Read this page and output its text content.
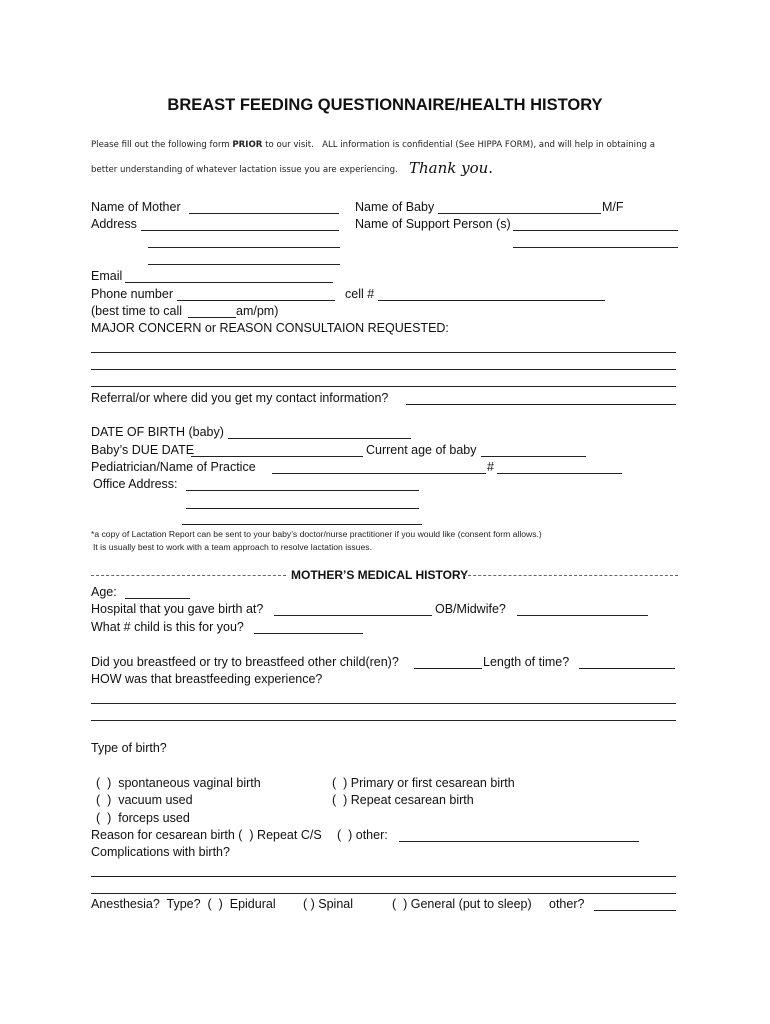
BREAST FEEDING QUESTIONNAIRE/HEALTH HISTORY
Please fill out the following form PRIOR to our visit.   ALL information is confidential (See HIPPA FORM), and will help in obtaining a
better understanding of whatever lactation issue you are experiencing. Thank you.
Name of Mother	Name of Baby	M/F
Address	Name of Support Person (s)
Email
Phone number	cell #
(best time to call	am/pm)
MAJOR CONCERN or REASON CONSULTAION REQUESTED:
Referral/or where did you get my contact information?
DATE OF BIRTH (baby)
Baby’s DUE DATE	Current age of baby
Pediatrician/Name of Practice	#
Office Address:
*a copy of Lactation Report can be sent to your baby’s doctor/nurse practitioner if you would like (consent form allows.)
It is usually best to work with a team approach to resolve lactation issues.
MOTHER’S MEDICAL HISTORY
Age:
Hospital that you gave birth at?	OB/Midwife?
What # child is this for you?
Did you breastfeed or try to breastfeed other child(ren)?	Length of time?
HOW was that breastfeeding experience?
Type of birth?
(  )  spontaneous vaginal birth	(  ) Primary or first cesarean birth
(  )  vacuum used	(  ) Repeat cesarean birth
(  )  forceps used
Reason for cesarean birth (  ) Repeat C/S (  ) other:
Complications with birth?
Anesthesia?  Type?  (  )  Epidural ( ) Spinal	(  ) General (put to sleep) other?
